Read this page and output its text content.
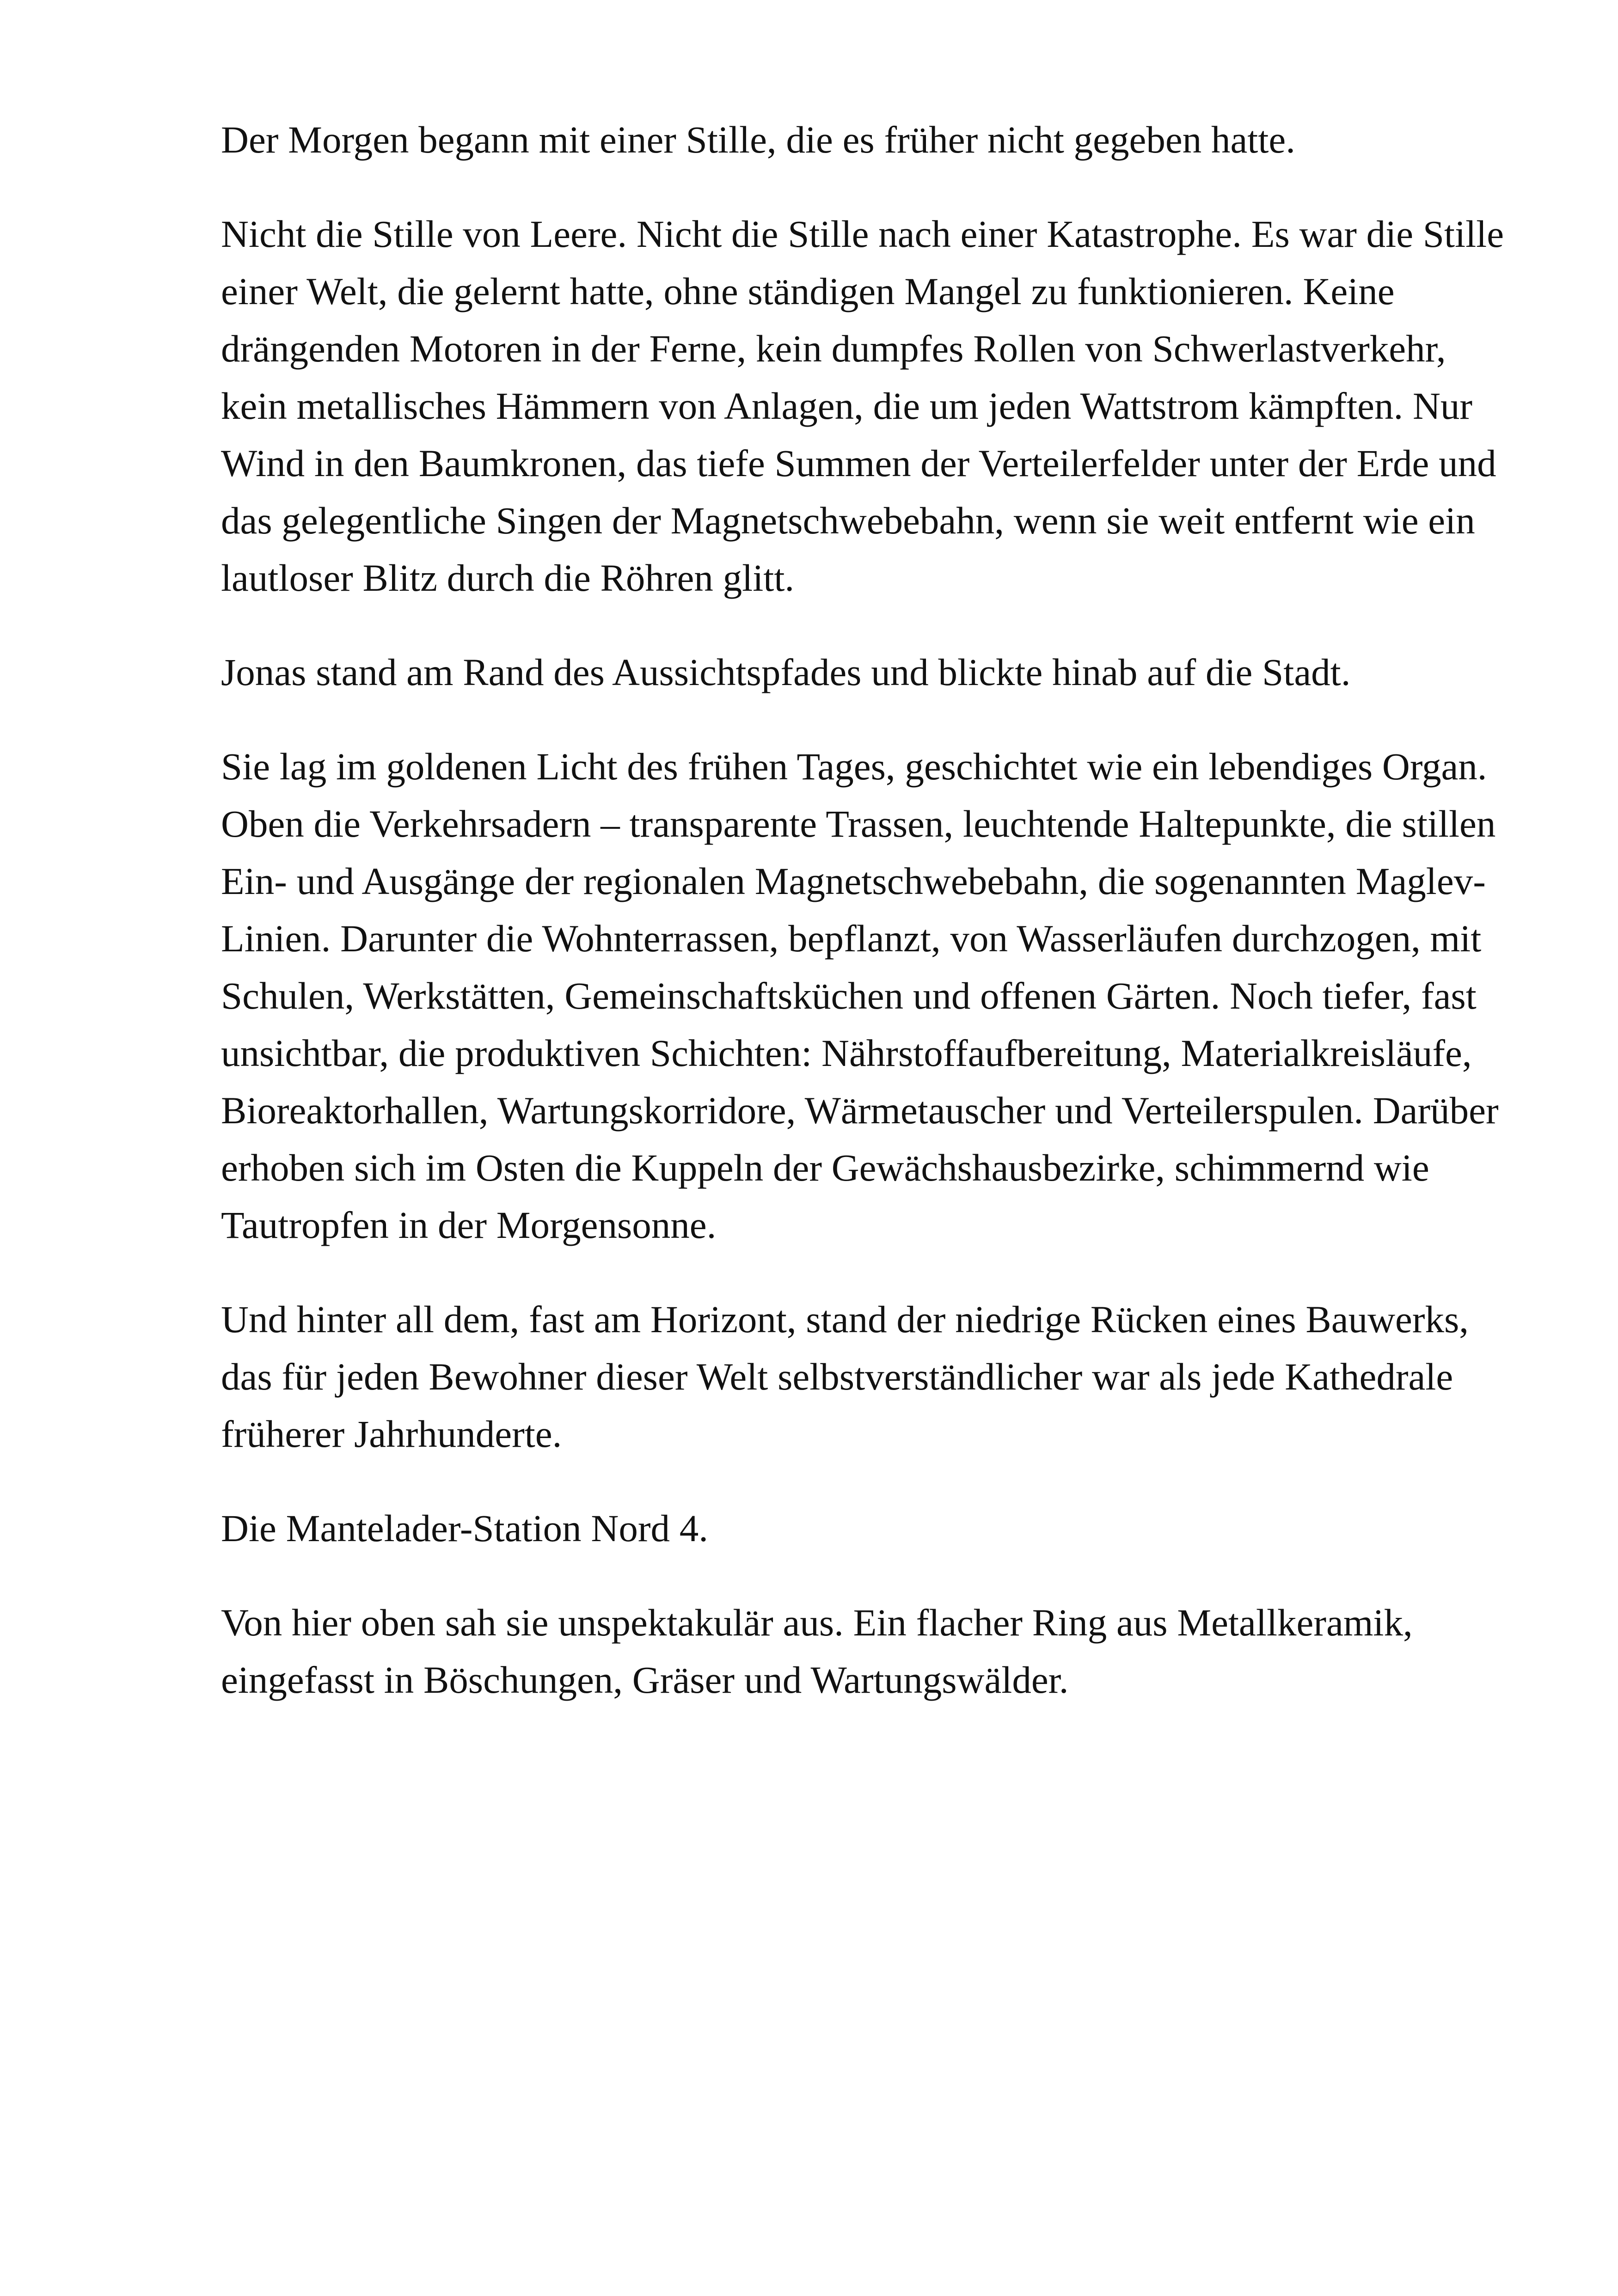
Der Morgen begann mit einer Stille, die es früher nicht gegeben hatte.

Nicht die Stille von Leere. Nicht die Stille nach einer Katastrophe. Es war die Stille einer Welt, die gelernt hatte, ohne ständigen Mangel zu funktionieren. Keine drängenden Motoren in der Ferne, kein dumpfes Rollen von Schwerlastverkehr, kein metallisches Hämmern von Anlagen, die um jeden Wattstrom kämpften. Nur Wind in den Baumkronen, das tiefe Summen der Verteilerfelder unter der Erde und das gelegentliche Singen der Magnetschwebebahn, wenn sie weit entfernt wie ein lautloser Blitz durch die Röhren glitt.

Jonas stand am Rand des Aussichtspfades und blickte hinab auf die Stadt.

Sie lag im goldenen Licht des frühen Tages, geschichtet wie ein lebendiges Organ. Oben die Verkehrsadern – transparente Trassen, leuchtende Haltepunkte, die stillen Ein- und Ausgänge der regionalen Magnetschwebebahn, die sogenannten Maglev-Linien. Darunter die Wohnterrassen, bepflanzt, von Wasserläufen durchzogen, mit Schulen, Werkstätten, Gemeinschaftsküchen und offenen Gärten. Noch tiefer, fast unsichtbar, die produktiven Schichten: Nährstoffaufbereitung, Materialkreisläufe, Bioreaktorhallen, Wartungskorridore, Wärmetauscher und Verteilerspulen. Darüber erhoben sich im Osten die Kuppeln der Gewächshausbezirke, schimmernd wie Tautropfen in der Morgensonne.

Und hinter all dem, fast am Horizont, stand der niedrige Rücken eines Bauwerks, das für jeden Bewohner dieser Welt selbstverständlicher war als jede Kathedrale früherer Jahrhunderte.

Die Mantelader-Station Nord 4.

Von hier oben sah sie unspektakulär aus. Ein flacher Ring aus Metallkeramik, eingefasst in Böschungen, Gräser und Wartungswälder.
